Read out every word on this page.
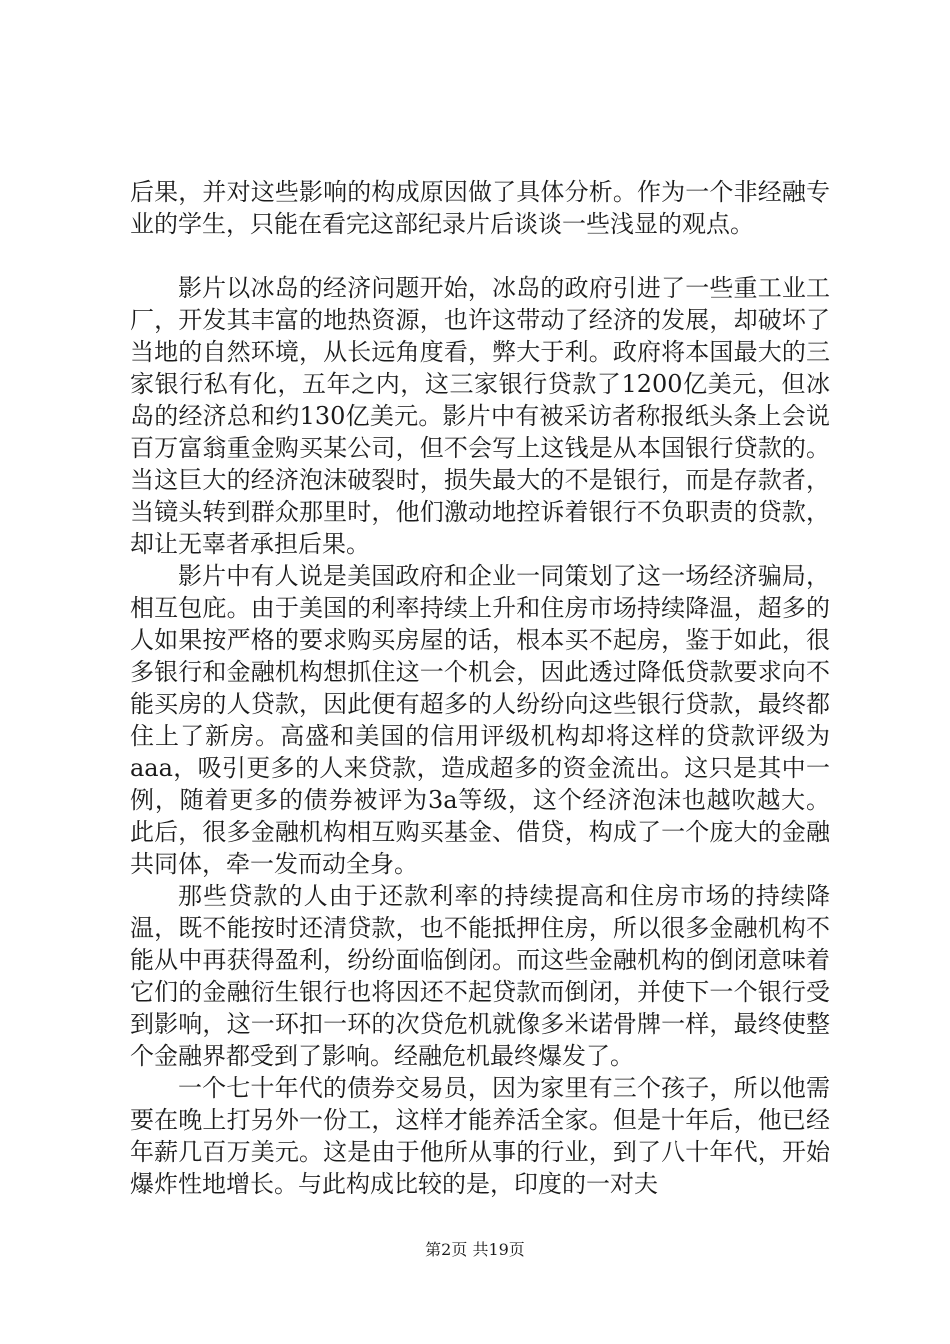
后果，并对这些影响的构成原因做了具体分析。作为一个非经融专业的学生，只能在看完这部纪录片后谈谈一些浅显的观点。

影片以冰岛的经济问题开始，冰岛的政府引进了一些重工业工厂，开发其丰富的地热资源，也许这带动了经济的发展，却破坏了当地的自然环境，从长远角度看，弊大于利。政府将本国最大的三家银行私有化，五年之内，这三家银行贷款了1200亿美元，但冰岛的经济总和约130亿美元。影片中有被采访者称报纸头条上会说百万富翁重金购买某公司，但不会写上这钱是从本国银行贷款的。当这巨大的经济泡沫破裂时，损失最大的不是银行，而是存款者，当镜头转到群众那里时，他们激动地控诉着银行不负职责的贷款，却让无辜者承担后果。

影片中有人说是美国政府和企业一同策划了这一场经济骗局，相互包庇。由于美国的利率持续上升和住房市场持续降温，超多的人如果按严格的要求购买房屋的话，根本买不起房，鉴于如此，很多银行和金融机构想抓住这一个机会，因此透过降低贷款要求向不能买房的人贷款，因此便有超多的人纷纷向这些银行贷款，最终都住上了新房。高盛和美国的信用评级机构却将这样的贷款评级为aaa，吸引更多的人来贷款，造成超多的资金流出。这只是其中一例，随着更多的债券被评为3a等级，这个经济泡沫也越吹越大。此后，很多金融机构相互购买基金、借贷，构成了一个庞大的金融共同体，牵一发而动全身。

那些贷款的人由于还款利率的持续提高和住房市场的持续降温，既不能按时还清贷款，也不能抵押住房，所以很多金融机构不能从中再获得盈利，纷纷面临倒闭。而这些金融机构的倒闭意味着它们的金融衍生银行也将因还不起贷款而倒闭，并使下一个银行受到影响，这一环扣一环的次贷危机就像多米诺骨牌一样，最终使整个金融界都受到了影响。经融危机最终爆发了。

一个七十年代的债券交易员，因为家里有三个孩子，所以他需要在晚上打另外一份工，这样才能养活全家。但是十年后，他已经年薪几百万美元。这是由于他所从事的行业，到了八十年代，开始爆炸性地增长。与此构成比较的是，印度的一对夫

第2页 共19页
